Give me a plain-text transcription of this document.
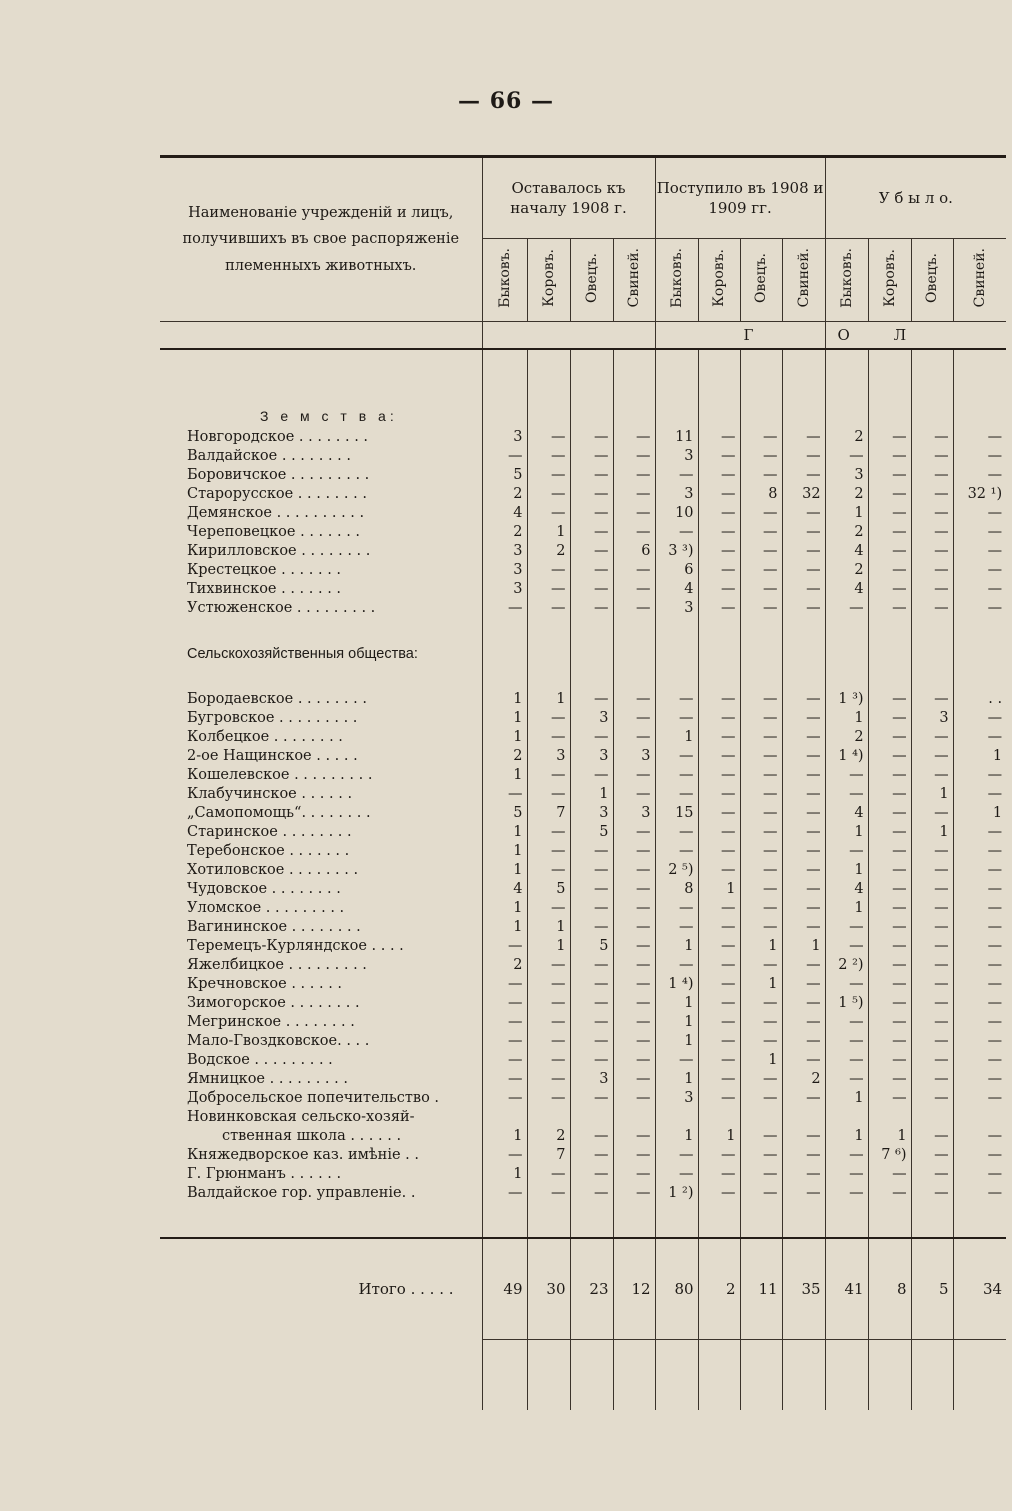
— 66 —
Наименованіе учрежденій и лицъ, получившихъ въ свое распоряженіе племенныхъ животныхъ.	Оставалось къ началу 1908 г.				Поступило въ 1908 и 1909 гг.				У б ы л о.			
	Быковъ.	Коровъ.	Овецъ.	Свиней.	Быковъ.	Коровъ.	Овецъ.	Свиней.	Быковъ.	Коровъ.	Овецъ.	Свиней.
					Г О				Л			

З е м с т в а:												
Новгородское . . . . . . . .	3	—	—	—	11	—	—	—	2	—	—	—
Валдайское . . . . . . . .	—	—	—	—	3	—	—	—	—	—	—	—
Боровичское . . . . . . . . .	5	—	—	—	—	—	—	—	3	—	—	—
Старорусское . . . . . . . .	2	—	—	—	3	—	8	32	2	—	—	32 ¹)
Демянское . . . . . . . . . .	4	—	—	—	10	—	—	—	1	—	—	—
Череповецкое . . . . . . .	2	1	—	—	—	—	—	—	2	—	—	—
Кирилловское . . . . . . . .	3	2	—	6	3 ³)	—	—	—	4	—	—	—
Крестецкое . . . . . . .	3	—	—	—	6	—	—	—	2	—	—	—
Тихвинское . . . . . . .	3	—	—	—	4	—	—	—	4	—	—	—
Устюженское . . . . . . . . .	—	—	—	—	3	—	—	—	—	—	—	—

Сельскохозяйственныя общества:												

Бородаевское . . . . . . . .	1	1	—	—	—	—	—	—	1 ³)	—	—	. .
Бугровское . . . . . . . . .	1	—	3	—	—	—	—	—	1	—	3	—
Колбецкое . . . . . . . .	1	—	—	—	1	—	—	—	2	—	—	—
2-ое Нащинское . . . . .	2	3	3	3	—	—	—	—	1 ⁴)	—	—	1
Кошелевское . . . . . . . . .	1	—	—	—	—	—	—	—	—	—	—	—
Клабучинское . . . . . .	—	—	1	—	—	—	—	—	—	—	1	—
„Самопомощь“. . . . . . . .	5	7	3	3	15	—	—	—	4	—	—	1
Старинское . . . . . . . .	1	—	5	—	—	—	—	—	1	—	1	—
Теребонское . . . . . . .	1	—	—	—	—	—	—	—	—	—	—	—
Хотиловское . . . . . . . .	1	—	—	—	2 ⁵)	—	—	—	1	—	—	—
Чудовское . . . . . . . .	4	5	—	—	8	1	—	—	4	—	—	—
Уломское . . . . . . . . .	1	—	—	—	—	—	—	—	1	—	—	—
Вагининское . . . . . . . .	1	1	—	—	—	—	—	—	—	—	—	—
Теремецъ-Курляндское . . . .	—	1	5	—	1	—	1	1	—	—	—	—
Яжелбицкое . . . . . . . . .	2	—	—	—	—	—	—	—	2 ²)	—	—	—
Кречновское . . . . . .	—	—	—	—	1 ⁴)	—	1	—	—	—	—	—
Зимогорское . . . . . . . .	—	—	—	—	1	—	—	—	1 ⁵)	—	—	—
Мегринское . . . . . . . .	—	—	—	—	1	—	—	—	—	—	—	—
Мало-Гвоздковское. . . .	—	—	—	—	1	—	—	—	—	—	—	—
Водское . . . . . . . . .	—	—	—	—	—	—	1	—	—	—	—	—
Ямницкое . . . . . . . . .	—	—	3	—	1	—	—	2	—	—	—	—
Добросельское попечительство .	—	—	—	—	3	—	—	—	1	—	—	—
Новинковская сельско-хозяй-												
ственная школа . . . . . .	1	2	—	—	1	1	—	—	1	1	—	—
Княжедворское каз. имѣніе . .	—	7	—	—	—	—	—	—	—	7 ⁶)	—	—
Г. Грюнманъ . . . . . .	1	—	—	—	—	—	—	—	—	—	—	—
Валдайское гор. управленіе. .	—	—	—	—	1 ²)	—	—	—	—	—	—	—

Итого . . . . .	49	30	23	12	80	2	11	35	41	8	5	34
